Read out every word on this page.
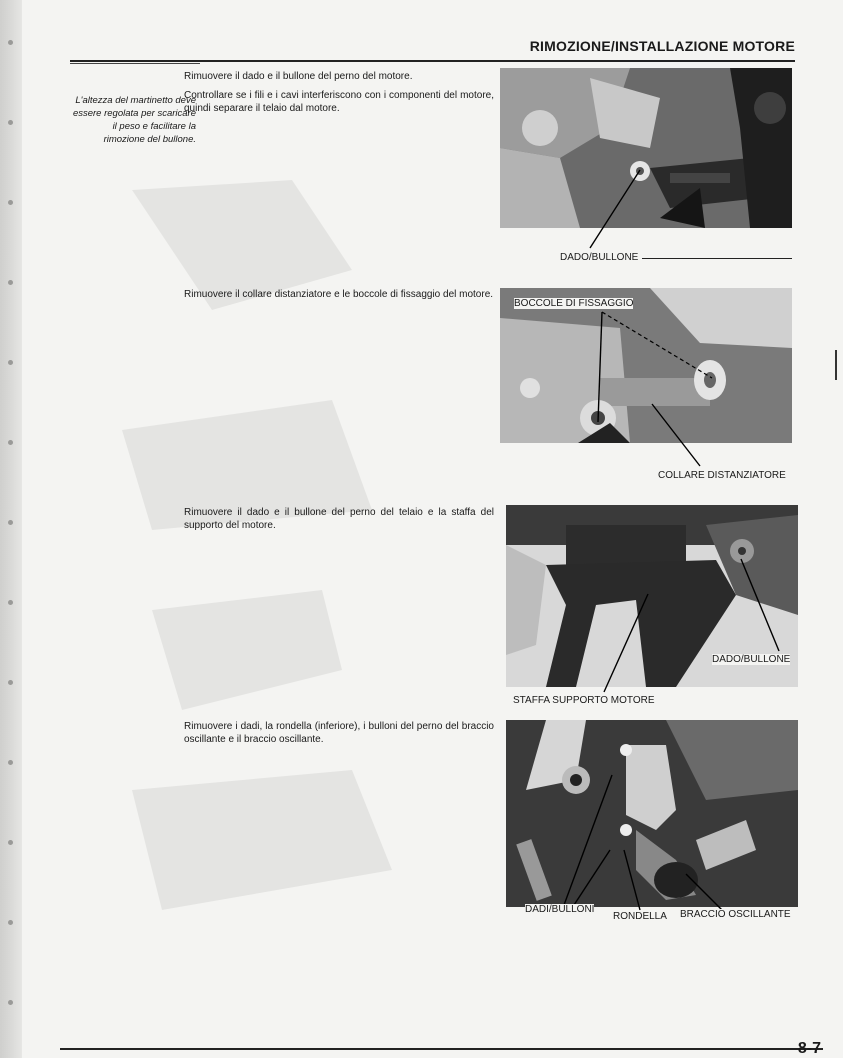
RIMOZIONE/INSTALLAZIONE MOTORE
L'altezza del martinetto deve essere regolata per scaricare il peso e facilitare la rimozione del bullone.

Rimuovere il dado e il bullone del perno del motore.

Controllare se i fili e i cavi interferiscono con i componenti del motore, quindi separare il telaio dal motore.

DADO/BULLONE

Rimuovere il collare distanziatore e le boccole di fissaggio del motore.

BOCCOLE DI FISSAGGIO
COLLARE DISTANZIATORE

Rimuovere il dado e il bullone del perno del telaio e la staffa del supporto del motore.

DADO/BULLONE
STAFFA SUPPORTO MOTORE

Rimuovere i dadi, la rondella (inferiore), i bulloni del perno del braccio oscillante e il braccio oscillante.

DADI/BULLONI
RONDELLA BRACCIO OSCILLANTE
8-7
